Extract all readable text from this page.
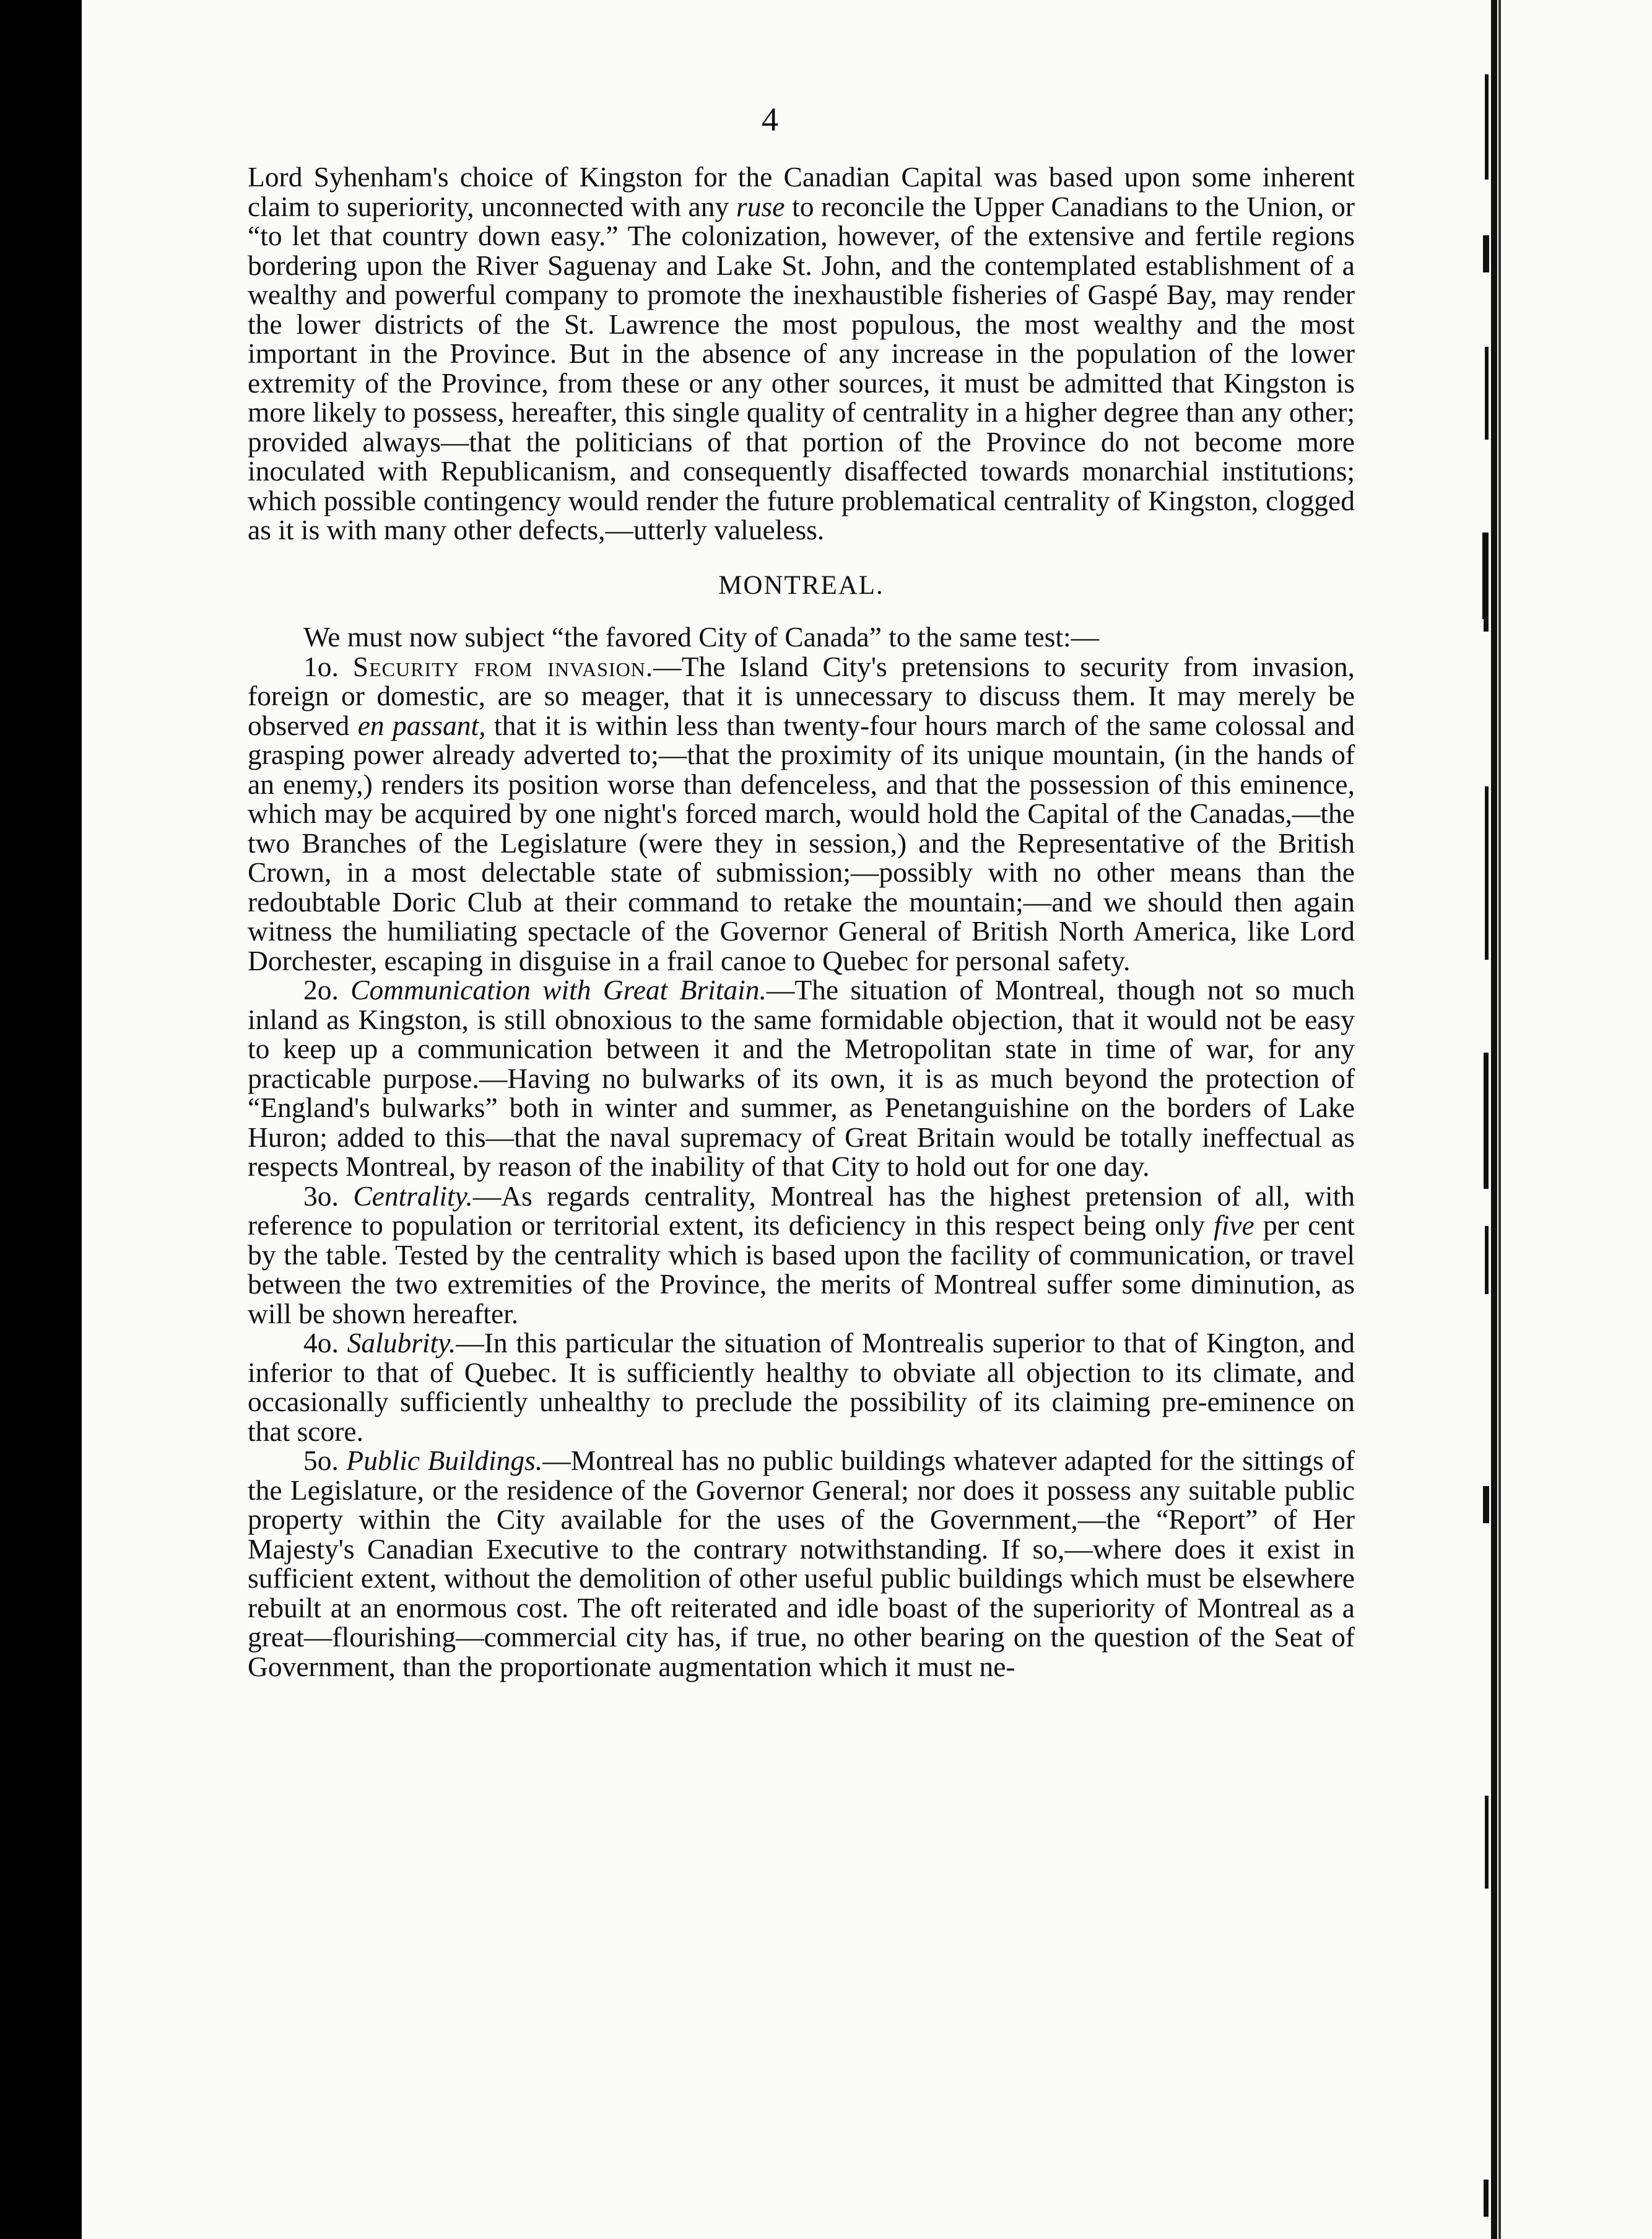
4

Lord Syhenham's choice of Kingston for the Canadian Capital was based upon some inherent claim to superiority, unconnected with any ruse to reconcile the Upper Canadians to the Union, or “to let that country down easy.” The colonization, however, of the extensive and fertile regions bordering upon the River Saguenay and Lake St. John, and the contemplated establishment of a wealthy and powerful company to promote the inexhaustible fisheries of Gaspé Bay, may render the lower districts of the St. Lawrence the most populous, the most wealthy and the most important in the Province. But in the absence of any increase in the population of the lower extremity of the Province, from these or any other sources, it must be admitted that Kingston is more likely to possess, hereafter, this single quality of centrality in a higher degree than any other; provided always—that the politicians of that portion of the Province do not become more inoculated with Republicanism, and consequently disaffected towards monarchial institutions; which possible contingency would render the future problematical centrality of Kingston, clogged as it is with many other defects,—utterly valueless.

MONTREAL.

We must now subject “the favored City of Canada” to the same test:—

1o. Security from invasion.—The Island City's pretensions to security from invasion, foreign or domestic, are so meager, that it is unnecessary to discuss them. It may merely be observed en passant, that it is within less than twenty-four hours march of the same colossal and grasping power already adverted to;—that the proximity of its unique mountain, (in the hands of an enemy,) renders its position worse than defenceless, and that the possession of this eminence, which may be acquired by one night's forced march, would hold the Capital of the Canadas,—the two Branches of the Legislature (were they in session,) and the Representative of the British Crown, in a most delectable state of submission;—possibly with no other means than the redoubtable Doric Club at their command to retake the mountain;—and we should then again witness the humiliating spectacle of the Governor General of British North America, like Lord Dorchester, escaping in disguise in a frail canoe to Quebec for personal safety.

2o. Communication with Great Britain.—The situation of Montreal, though not so much inland as Kingston, is still obnoxious to the same formidable objection, that it would not be easy to keep up a communication between it and the Metropolitan state in time of war, for any practicable purpose.—Having no bulwarks of its own, it is as much beyond the protection of “England's bulwarks” both in winter and summer, as Penetanguishine on the borders of Lake Huron; added to this—that the naval supremacy of Great Britain would be totally ineffectual as respects Montreal, by reason of the inability of that City to hold out for one day.

3o. Centrality.—As regards centrality, Montreal has the highest pretension of all, with reference to population or territorial extent, its deficiency in this respect being only five per cent by the table. Tested by the centrality which is based upon the facility of communication, or travel between the two extremities of the Province, the merits of Montreal suffer some diminution, as will be shown hereafter.

4o. Salubrity.—In this particular the situation of Montrealis superior to that of Kington, and inferior to that of Quebec. It is sufficiently healthy to obviate all objection to its climate, and occasionally sufficiently unhealthy to preclude the possibility of its claiming pre-eminence on that score.

5o. Public Buildings.—Montreal has no public buildings whatever adapted for the sittings of the Legislature, or the residence of the Governor General; nor does it possess any suitable public property within the City available for the uses of the Government,—the “Report” of Her Majesty's Canadian Executive to the contrary notwithstanding. If so,—where does it exist in sufficient extent, without the demolition of other useful public buildings which must be elsewhere rebuilt at an enormous cost. The oft reiterated and idle boast of the superiority of Montreal as a great—flourishing—commercial city has, if true, no other bearing on the question of the Seat of Government, than the proportionate augmentation which it must ne-
